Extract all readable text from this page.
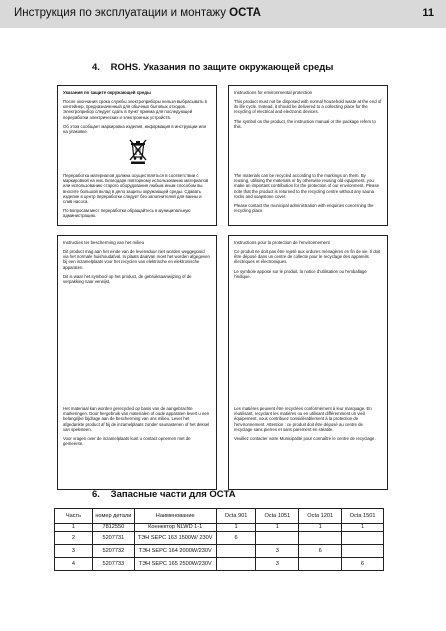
Инструкция по эксплуатации и монтажу OCTA	11
4. ROHS. Указания по защите окружающей среды
Указания по защите окружающей среды

После окончания срока службы электроприборы нельзя выбрасывать в контейнер, предназначенный для обычных бытовых отходов. Электроприбор следует сдать в пункт приема для последующей переработки электрических и электронных устройств.

Об этом сообщает маркировка изделия, информация в инструкции или на упаковке.

Переработка материалов должна осуществляться в соответствии с маркировкой на них. Благодаря повторному использованию материалов или использованию старого оборудования любым иным способом вы вносите большой вклад в дело защиты окружающей среды. Сдавать изделие в центр переработки следует без заполнителей для ванны и слив насоса.

По вопросам мест переработки обращайтесь в муниципальную администрацию.

Instructions for environmental protection

This product must not be disposed with normal household waste at the end of its life cycle. Instead, it should be delivered to a collecting place for the recycling of electrical and electronic devices.

The symbol on the product, the instruction manual or the package refers to this.

The materials can be recycled according to the markings on them. By reusing, utilising the materials or by otherwise reusing old equipment, you make an important contribution for the protection of our environment. Please note that the product is returned to the recycling centre without any sauna rocks and soapstone cover.

Please contact the municipal administration with enquiries concerning the recycling place.

Instructies ter bescherming van het milieu

Dit product mag aan het einde van de levensduur niet worden weggegooid via het normale huishoudafval. In plaats daarvan moet het worden afgegeven bij een inzamelplaats voor het recyclen van elektrische en elektronische apparaten.

Dit is waar het symbool op het product, de gebruiksaanwijzing of de verpakking naar verwijst.

Het materiaal kan worden gerecycled op basis van de aangebrachte markeringen. Door hergebruik van materialen of oude apparaten levert u een belangrijke bijdrage aan de bescherming van ons milieu. Lever het afgedankte product af bij de inzamelplaats zonder saunastenen of het deksel van speksteen.

Voor vragen over de inzamelplaats kunt u contact opnemen met de gemeente.

Instructions pour la protection de l'environnement

Ce produit ne doit pas être rejeté aux ordures ménagères en fin de vie. Il doit être déposé dans un centre de collecte pour le recyclage des appareils électriques et électroniques.

Le symbole apposé sur le produit, la notice d'utilisation ou l'emballage l'indique.

Les matières peuvent être recyclées conformément à leur marquage. En réutilisant, recyclant les matières ou en utilisant différemment un vieil équipement, vous contribuez considérablement à la protection de l'environnement. Attention : ce produit doit être déposé au centre de recyclage sans pierres et sans parement en stéatite.

Veuillez contacter votre Municipalité pour connaître le centre de recyclage.

6. Запасные части для OCTA
Часть	номер детали	Наименование	Octa 901	Octa 1051	Octa 1201	Octa 1501
1	7812550	Коннектор NLWD 1-1	1	1	1	1
2	5207731	ТЭН SEPC 163 1500W/ 230V	6			
3	5207732	ТЭН SEPC 164 2000W/230V		3	6	
4	5207733	ТЭН SEPC 165 2500W/230V		3		6
